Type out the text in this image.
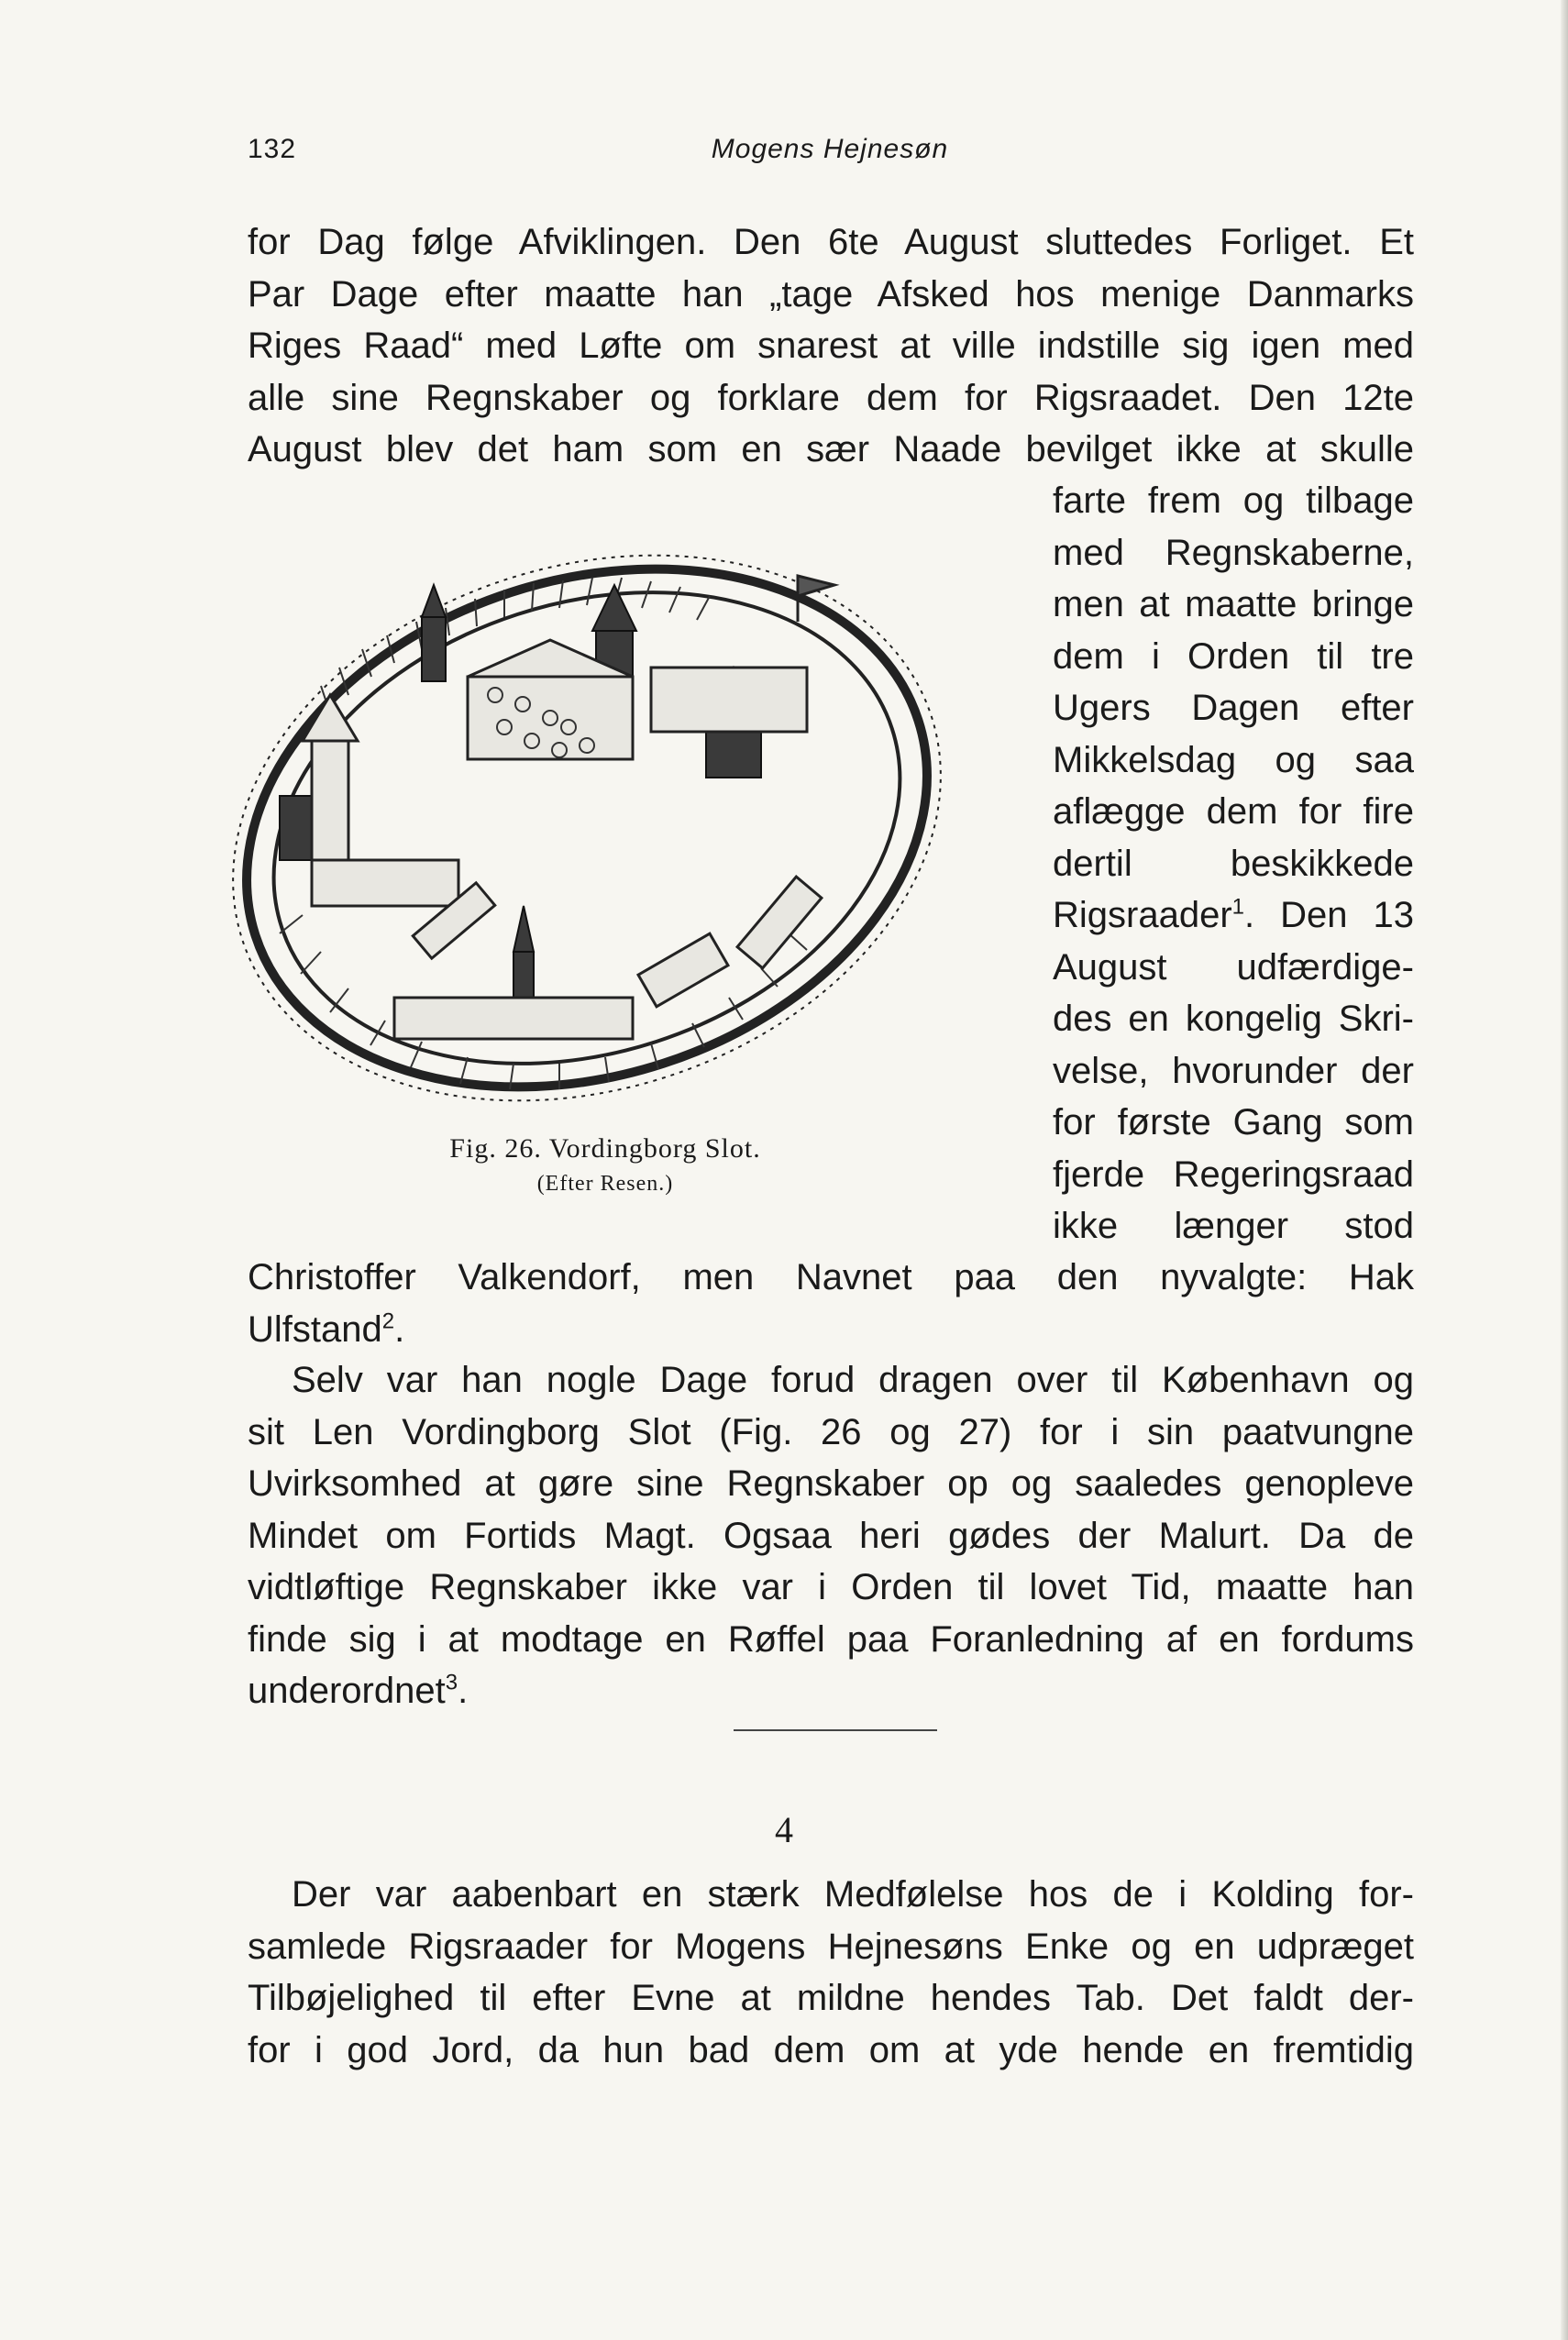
132	Mogens Hejnesøn
for Dag følge Afviklingen. Den 6te August sluttedes Forliget. Et
Par Dage efter maatte han „tage Afsked hos menige Danmarks
Riges Raad“ med Løfte om snarest at ville indstille sig igen med
alle sine Regnskaber og forklare dem for Rigsraadet. Den 12te
August blev det ham som en sær Naade bevilget ikke at skulle
farte frem og tilbage
med Regnskaberne,
men at maatte bringe
dem i Orden til tre
Ugers Dagen efter
Mikkelsdag og saa
aflægge dem for fire
dertil beskikkede
Rigsraader$^1$. Den 13
August udfærdige-
des en kongelig Skri-
velse, hvorunder der
for første Gang som
fjerde Regeringsraad
ikke længer stod
Fig. 26. Vordingborg Slot.
(Efter Resen.)
Christoffer Valkendorf, men Navnet paa den nyvalgte: Hak
Ulfstand$^2$.
Selv var han nogle Dage forud dragen over til København og
sit Len Vordingborg Slot (Fig. 26 og 27) for i sin paatvungne
Uvirksomhed at gøre sine Regnskaber op og saaledes genopleve
Mindet om Fortids Magt. Ogsaa heri gødes der Malurt. Da de
vidtløftige Regnskaber ikke var i Orden til lovet Tid, maatte han
finde sig i at modtage en Røffel paa Foranledning af en fordums
underordnet$^3$.
4
Der var aabenbart en stærk Medfølelse hos de i Kolding for-
samlede Rigsraader for Mogens Hejnesøns Enke og en udpræget
Tilbøjelighed til efter Evne at mildne hendes Tab. Det faldt der-
for i god Jord, da hun bad dem om at yde hende en fremtidig
